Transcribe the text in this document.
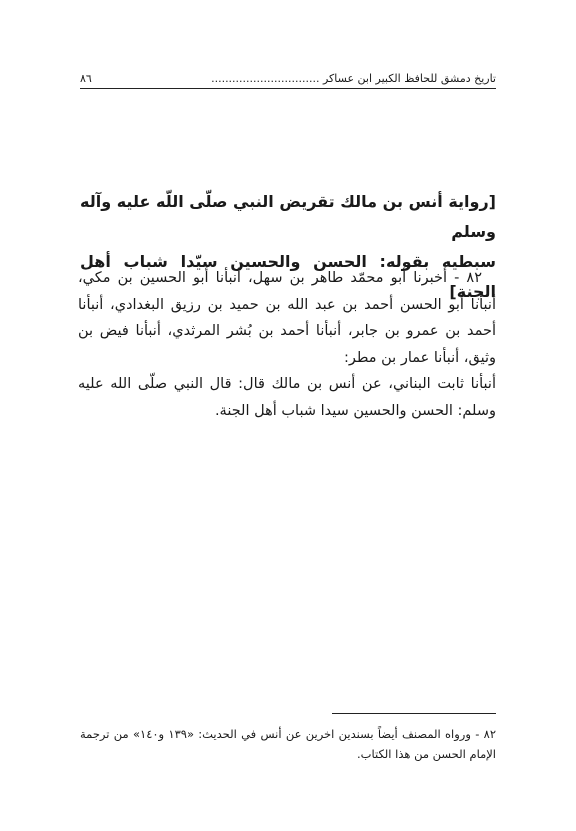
تاريخ دمشق للحافظ الكبير ابن عساكر ...............................
٨٦
[رواية أنس بن مالك تقريض النبي صلّى اللّه عليه وآله وسلم
سبطيه بقوله: الحسن والحسين سيّدا شباب أهل الجنة]

٨٢ - أخبرنا أبو محمّد طاهر بن سهل، أنبأنا أبو الحسين بن مكي، أنبأنا أبو الحسن أحمد بن عبد الله بن حميد بن رزيق البغدادي، أنبأنا أحمد بن عمرو بن جابر، أنبأنا أحمد بن بُشر المرثدي، أنبأنا فيض بن وثيق، أنبأنا عمار بن مطر:

أنبأنا ثابت البناني، عن أنس بن مالك قال: قال النبي صلّى الله عليه وسلم: الحسن والحسين سيدا شباب أهل الجنة.

٨٢ - ورواه المصنف أيضاً بسندين اخرين عن أنس في الحديث: «١٣٩ و١٤٠» من ترجمة الإمام الحسن من هذا الكتاب.
